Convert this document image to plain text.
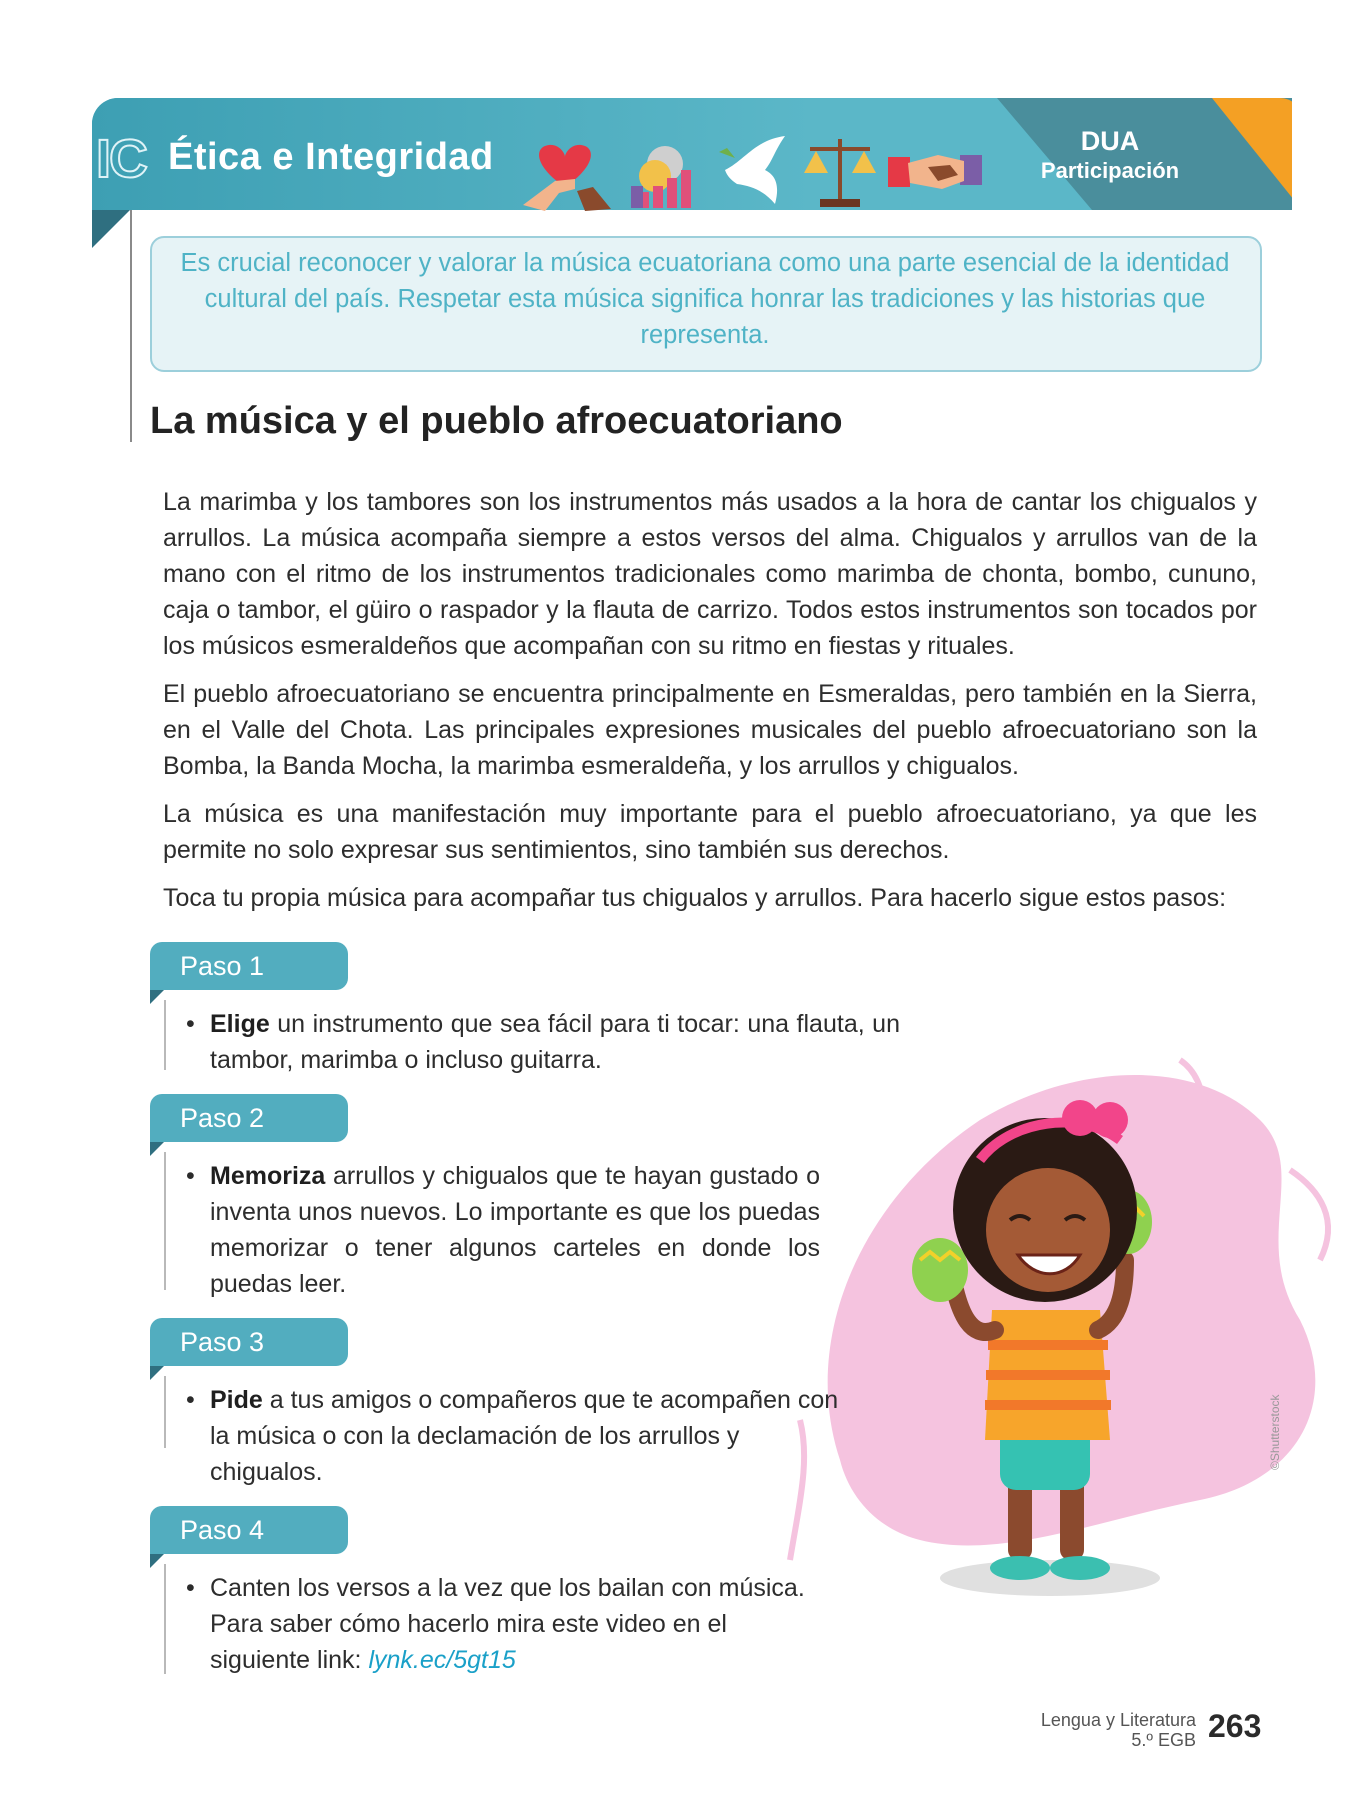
IC Ética e Integridad	DUA
Participación
Es crucial reconocer y valorar la música ecuatoriana como una parte esencial de la identidad cultural del país. Respetar esta música significa honrar las tradiciones y las historias que representa.
La música y el pueblo afroecuatoriano
La marimba y los tambores son los instrumentos más usados a la hora de cantar los chigualos y arrullos. La música acompaña siempre a estos versos del alma. Chigualos y arrullos van de la mano con el ritmo de los instrumentos tradicionales como marimba de chonta, bombo, cununo, caja o tambor, el güiro o raspador y la flauta de carrizo. Todos estos instrumentos son tocados por los músicos esmeraldeños que acompañan con su ritmo en fiestas y rituales.
El pueblo afroecuatoriano se encuentra principalmente en Esmeraldas, pero también en la Sierra, en el Valle del Chota. Las principales expresiones musicales del pueblo afroecuatoriano son la Bomba, la Banda Mocha, la marimba esmeraldeña, y los arrullos y chigualos.
La música es una manifestación muy importante para el pueblo afroecuatoriano, ya que les permite no solo expresar sus sentimientos, sino también sus derechos.
Toca tu propia música para acompañar tus chigualos y arrullos. Para hacerlo sigue estos pasos:
©Shutterstock
Paso 1
• Elige un instrumento que sea fácil para ti tocar: una flauta, un tambor, marimba o incluso guitarra.
Paso 2
• Memoriza arrullos y chigualos que te hayan gustado o inventa unos nuevos. Lo importante es que los puedas memorizar o tener algunos carteles en donde los puedas leer.
Paso 3
• Pide a tus amigos o compañeros que te acompañen con la música o con la declamación de los arrullos y chigualos.
Paso 4
• Canten los versos a la vez que los bailan con música. Para saber cómo hacerlo mira este video en el siguiente link: lynk.ec/5gt15
Lengua y Literatura
5.º EGB 263
